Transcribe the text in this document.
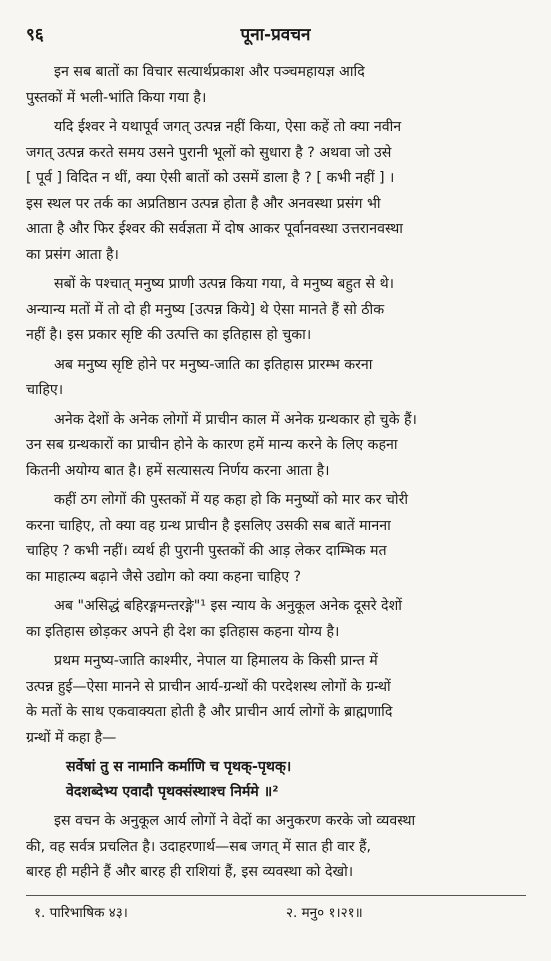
९६	पूना-प्रवचन
इन सब बातों का विचार सत्यार्थप्रकाश और पञ्चमहायज्ञ आदि
पुस्तकों में भली-भांति किया गया है।
यदि ईश्वर ने यथापूर्व जगत् उत्पन्न नहीं किया, ऐसा कहें तो क्या नवीन
जगत् उत्पन्न करते समय उसने पुरानी भूलों को सुधारा है ? अथवा जो उसे
[ पूर्व ] विदित न थीं, क्या ऐसी बातों को उसमें डाला है ? [ कभी नहीं ] ।
इस स्थल पर तर्क का अप्रतिष्ठान उत्पन्न होता है और अनवस्था प्रसंग भी
आता है और फिर ईश्वर की सर्वज्ञता में दोष आकर पूर्वानवस्था उत्तरानवस्था
का प्रसंग आता है।
सबों के पश्चात् मनुष्य प्राणी उत्पन्न किया गया, वे मनुष्य बहुत से थे।
अन्यान्य मतों में तो दो ही मनुष्य [उत्पन्न किये] थे ऐसा मानते हैं सो ठीक
नहीं है। इस प्रकार सृष्टि की उत्पत्ति का इतिहास हो चुका।
अब मनुष्य सृष्टि होने पर मनुष्य-जाति का इतिहास प्रारम्भ करना
चाहिए।
अनेक देशों के अनेक लोगों में प्राचीन काल में अनेक ग्रन्थकार हो चुके हैं।
उन सब ग्रन्थकारों का प्राचीन होने के कारण हमें मान्य करने के लिए कहना
कितनी अयोग्य बात है। हमें सत्यासत्य निर्णय करना आता है।
कहीं ठग लोगों की पुस्तकों में यह कहा हो कि मनुष्यों को मार कर चोरी
करना चाहिए, तो क्या वह ग्रन्थ प्राचीन है इसलिए उसकी सब बातें मानना
चाहिए ? कभी नहीं। व्यर्थ ही पुरानी पुस्तकों की आड़ लेकर दाम्भिक मत
का माहात्म्य बढ़ाने जैसे उद्योग को क्या कहना चाहिए ?
अब "असिद्धं बहिरङ्गमन्तरङ्गे"¹ इस न्याय के अनुकूल अनेक दूसरे देशों
का इतिहास छोड़कर अपने ही देश का इतिहास कहना योग्य है।
प्रथम मनुष्य-जाति काश्मीर, नेपाल या हिमालय के किसी प्रान्त में
उत्पन्न हुई—ऐसा मानने से प्राचीन आर्य-ग्रन्थों की परदेशस्थ लोगों के ग्रन्थों
के मतों के साथ एकवाक्यता होती है और प्राचीन आर्य लोगों के ब्राह्मणादि
ग्रन्थों में कहा है—
सर्वेषां तु स नामानि कर्माणि च पृथक्-पृथक्।
वेदशब्देभ्य एवादौ पृथक्संस्थाश्च निर्ममे ॥²
इस वचन के अनुकूल आर्य लोगों ने वेदों का अनुकरण करके जो व्यवस्था
की, वह सर्वत्र प्रचलित है। उदाहरणार्थ—सब जगत् में सात ही वार हैं,
बारह ही महीने हैं और बारह ही राशियां हैं, इस व्यवस्था को देखो।
१. पारिभाषिक ४३।	२. मनु० १।२१॥
